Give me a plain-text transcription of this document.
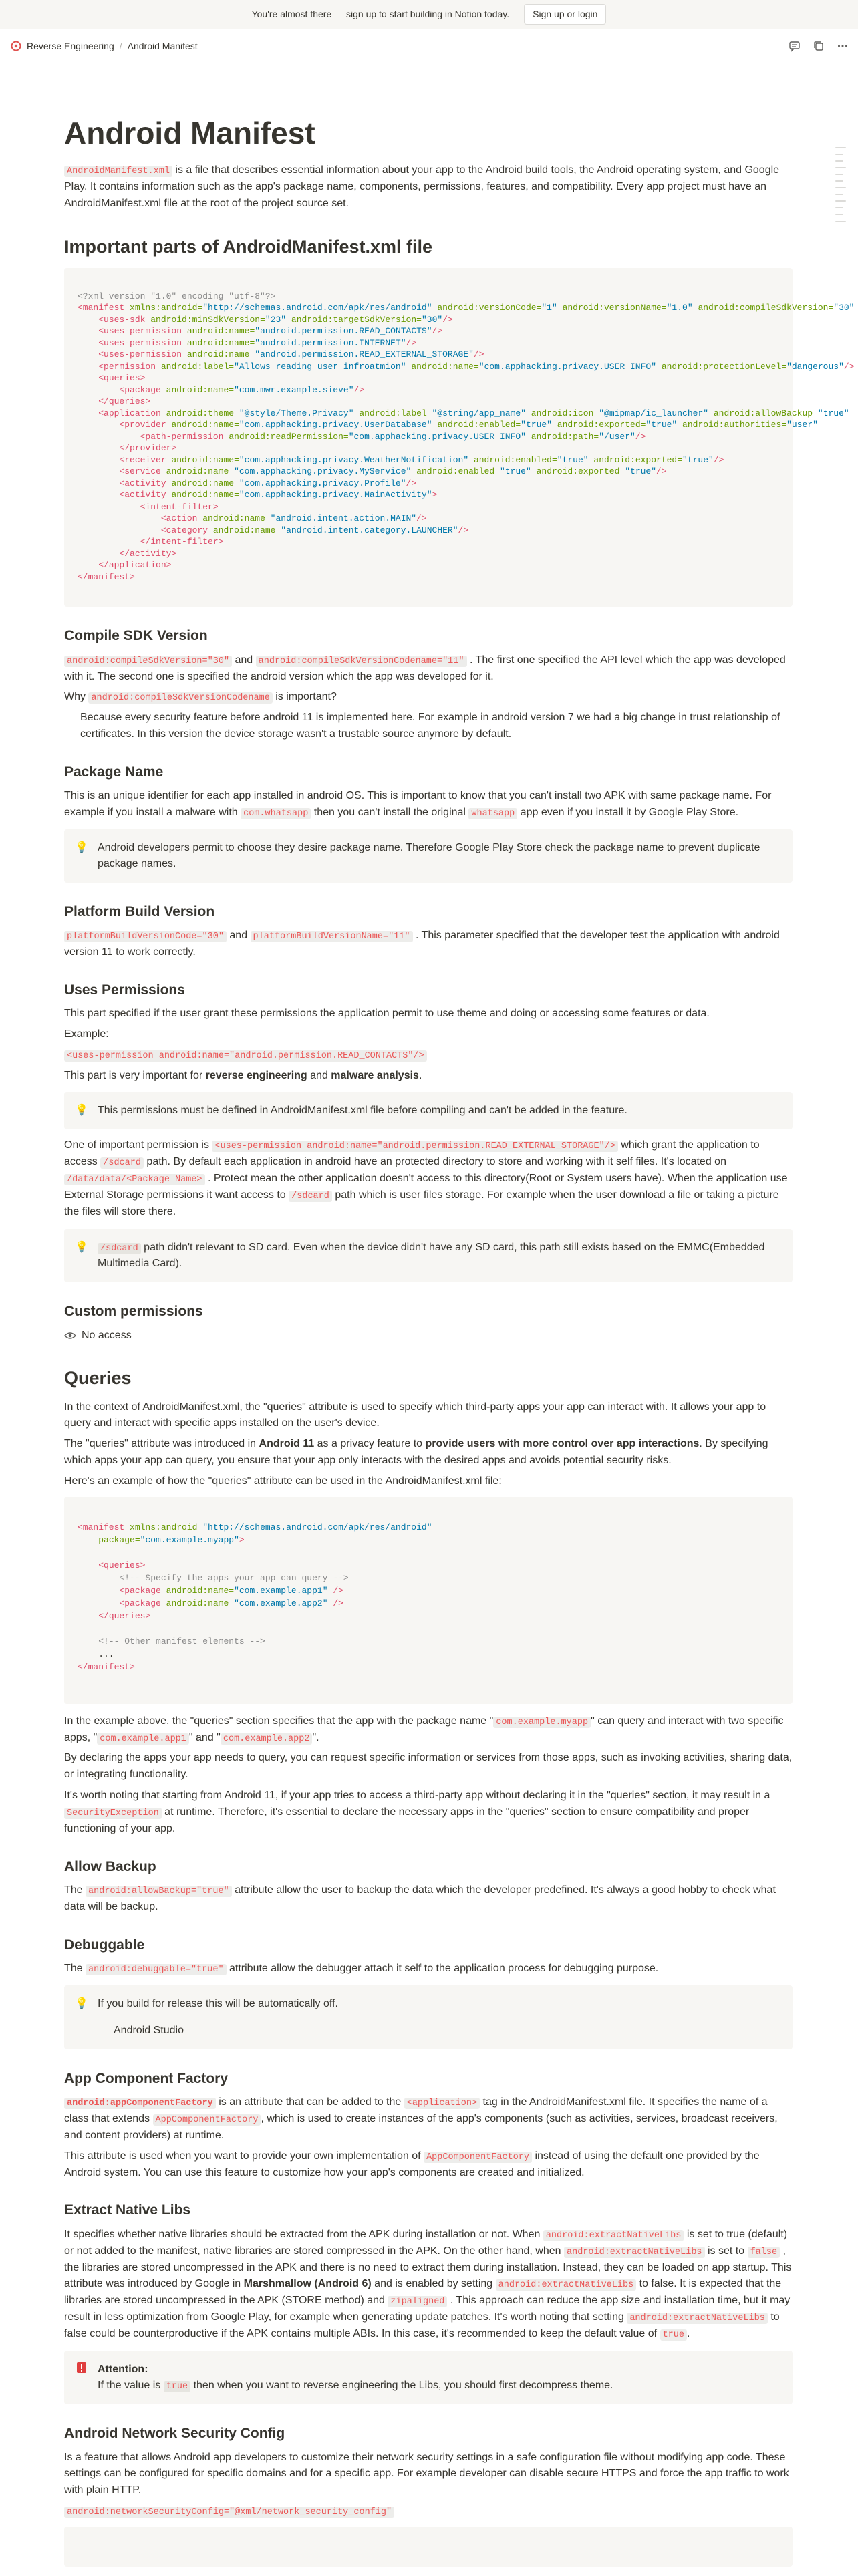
You're almost there — sign up to start building in Notion today.	Sign up or login
Reverse Engineering / Android Manifest
Android Manifest

AndroidManifest.xml is a file that describes essential information about your app to the Android build tools, the Android operating system, and Google Play. It contains information such as the app's package name, components, permissions, features, and compatibility. Every app project must have an AndroidManifest.xml file at the root of the project source set.

Important parts of AndroidManifest.xml file
<?xml version="1.0" encoding="utf-8"?>
<manifest xmlns:android="http://schemas.android.com/apk/res/android" android:versionCode="1" android:versionName="1.0" android:compileSdkVersion="30"
<uses-sdk android:minSdkVersion="23" android:targetSdkVersion="30"/>
<uses-permission android:name="android.permission.READ_CONTACTS"/>
<uses-permission android:name="android.permission.INTERNET"/>
<uses-permission android:name="android.permission.READ_EXTERNAL_STORAGE"/>
<permission android:label="Allows reading user infroatmion" android:name="com.apphacking.privacy.USER_INFO" android:protectionLevel="dangerous"/>
<queries>
<package android:name="com.mwr.example.sieve"/>
</queries>
<application android:theme="@style/Theme.Privacy" android:label="@string/app_name" android:icon="@mipmap/ic_launcher" android:allowBackup="true"
<provider android:name="com.apphacking.privacy.UserDatabase" android:enabled="true" android:exported="true" android:authorities="user"
<path-permission android:readPermission="com.apphacking.privacy.USER_INFO" android:path="/user"/>
</provider>
<receiver android:name="com.apphacking.privacy.WeatherNotification" android:enabled="true" android:exported="true"/>
<service android:name="com.apphacking.privacy.MyService" android:enabled="true" android:exported="true"/>
<activity android:name="com.apphacking.privacy.Profile"/>
<activity android:name="com.apphacking.privacy.MainActivity">
<intent-filter>
<action android:name="android.intent.action.MAIN"/>
<category android:name="android.intent.category.LAUNCHER"/>
</intent-filter>
</activity>
</application>
</manifest>
Compile SDK Version

android:compileSdkVersion="30" and android:compileSdkVersionCodename="11" . The first one specified the API level which the app was developed with it. The second one is specified the android version which the app was developed for it.

Why android:compileSdkVersionCodename is important?

Because every security feature before android 11 is implemented here. For example in android version 7 we had a big change in trust relationship of certificates. In this version the device storage wasn't a trustable source anymore by default.

Package Name

This is an unique identifier for each app installed in android OS. This is important to know that you can't install two APK with same package name. For example if you install a malware with com.whatsapp then you can't install the original whatsapp app even if you install it by Google Play Store.

💡 Android developers permit to choose they desire package name. Therefore Google Play Store check the package name to prevent duplicate package names.
Platform Build Version

platformBuildVersionCode="30" and platformBuildVersionName="11" . This parameter specified that the developer test the application with android version 11 to work correctly.

Uses Permissions

This part specified if the user grant these permissions the application permit to use theme and doing or accessing some features or data.

Example:

<uses-permission android:name="android.permission.READ_CONTACTS"/>

This part is very important for reverse engineering and malware analysis.

💡 This permissions must be defined in AndroidManifest.xml file before compiling and can't be added in the feature.

One of important permission is <uses-permission android:name="android.permission.READ_EXTERNAL_STORAGE"/> which grant the application to access /sdcard path. By default each application in android have an protected directory to store and working with it self files. It's located on /data/data/<Package Name> . Protect mean the other application doesn't access to this directory(Root or System users have). When the application use External Storage permissions it want access to /sdcard path which is user files storage. For example when the user download a file or taking a picture the files will store there.

💡 /sdcard path didn't relevant to SD card. Even when the device didn't have any SD card, this path still exists based on the EMMC(Embedded Multimedia Card).
Custom permissions
No access
Queries

In the context of AndroidManifest.xml, the "queries" attribute is used to specify which third-party apps your app can interact with. It allows your app to query and interact with specific apps installed on the user's device.

The "queries" attribute was introduced in Android 11 as a privacy feature to provide users with more control over app interactions. By specifying which apps your app can query, you ensure that your app only interacts with the desired apps and avoids potential security risks.

Here's an example of how the "queries" attribute can be used in the AndroidManifest.xml file:

<manifest xmlns:android="http://schemas.android.com/apk/res/android"
package="com.example.myapp">

<queries>
<!-- Specify the apps your app can query -->
<package android:name="com.example.app1" />
<package android:name="com.example.app2" />
</queries>

<!-- Other manifest elements -->
...
</manifest>

In the example above, the "queries" section specifies that the app with the package name " com.example.myapp " can query and interact with two specific apps, " com.example.app1 " and " com.example.app2 ".

By declaring the apps your app needs to query, you can request specific information or services from those apps, such as invoking activities, sharing data, or integrating functionality.

It's worth noting that starting from Android 11, if your app tries to access a third-party app without declaring it in the "queries" section, it may result in a SecurityException at runtime. Therefore, it's essential to declare the necessary apps in the "queries" section to ensure compatibility and proper functioning of your app.

Allow Backup

The android:allowBackup="true" attribute allow the user to backup the data which the developer predefined. It's always a good hobby to check what data will be backup.

Debuggable

The android:debuggable="true" attribute allow the debugger attach it self to the application process for debugging purpose.

💡 If you build for release this will be automatically off.
Android Studio
App Component Factory

android:appComponentFactory is an attribute that can be added to the <application> tag in the AndroidManifest.xml file. It specifies the name of a class that extends AppComponentFactory , which is used to create instances of the app's components (such as activities, services, broadcast receivers, and content providers) at runtime.

This attribute is used when you want to provide your own implementation of AppComponentFactory instead of using the default one provided by the Android system. You can use this feature to customize how your app's components are created and initialized.

Extract Native Libs

It specifies whether native libraries should be extracted from the APK during installation or not. When android:extractNativeLibs is set to true (default) or not added to the manifest, native libraries are stored compressed in the APK. On the other hand, when android:extractNativeLibs is set to false , the libraries are stored uncompressed in the APK and there is no need to extract them during installation. Instead, they can be loaded on app startup. This attribute was introduced by Google in Marshmallow (Android 6) and is enabled by setting android:extractNativeLibs to false. It is expected that the libraries are stored uncompressed in the APK (STORE method) and zipaligned . This approach can reduce the app size and installation time, but it may result in less optimization from Google Play, for example when generating update patches. It's worth noting that setting android:extractNativeLibs to false could be counterproductive if the APK contains multiple ABIs. In this case, it's recommended to keep the default value of true .

Attention:
If the value is true then when you want to reverse engineering the Libs, you should first decompress theme.
Android Network Security Config

Is a feature that allows Android app developers to customize their network security settings in a safe configuration file without modifying app code. These settings can be configured for specific domains and for a specific app. For example developer can disable secure HTTPS and force the app traffic to work with plain HTTP.

android:networkSecurityConfig="@xml/network_security_config"
